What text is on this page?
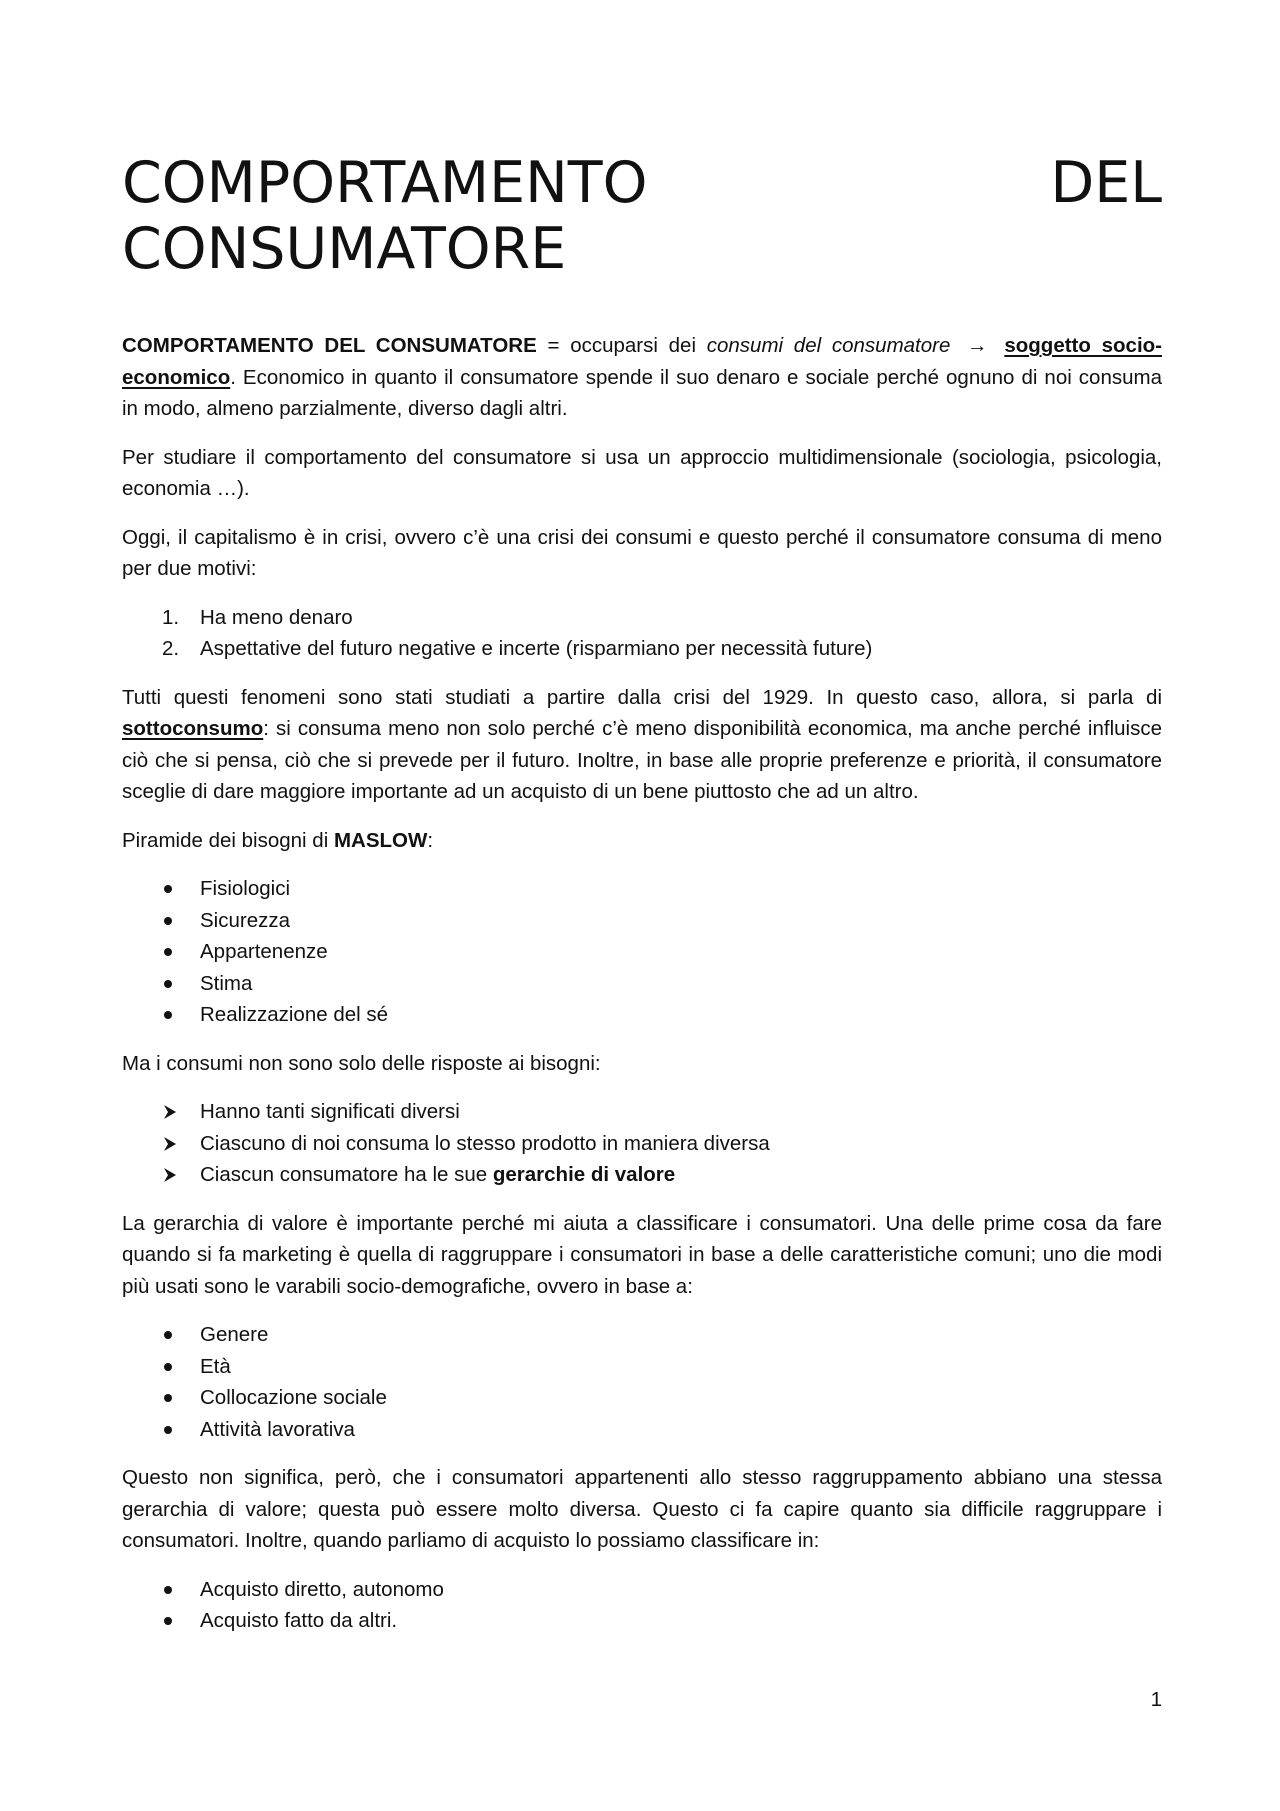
COMPORTAMENTO	DEL
CONSUMATORE

COMPORTAMENTO DEL CONSUMATORE = occuparsi dei consumi del consumatore → soggetto socio-economico. Economico in quanto il consumatore spende il suo denaro e sociale perché ognuno di noi consuma in modo, almeno parzialmente, diverso dagli altri.

Per studiare il comportamento del consumatore si usa un approccio multidimensionale (sociologia, psicologia, economia …).

Oggi, il capitalismo è in crisi, ovvero c’è una crisi dei consumi e questo perché il consumatore consuma di meno per due motivi:

1.	Ha meno denaro
2.	Aspettative del futuro negative e incerte (risparmiano per necessità future)

Tutti questi fenomeni sono stati studiati a partire dalla crisi del 1929. In questo caso, allora, si parla di sottoconsumo: si consuma meno non solo perché c’è meno disponibilità economica, ma anche perché influisce ciò che si pensa, ciò che si prevede per il futuro. Inoltre, in base alle proprie preferenze e priorità, il consumatore sceglie di dare maggiore importante ad un acquisto di un bene piuttosto che ad un altro.

Piramide dei bisogni di MASLOW:

Fisiologici
Sicurezza
Appartenenze
Stima
Realizzazione del sé

Ma i consumi non sono solo delle risposte ai bisogni:

Hanno tanti significati diversi
Ciascuno di noi consuma lo stesso prodotto in maniera diversa
Ciascun consumatore ha le sue gerarchie di valore

La gerarchia di valore è importante perché mi aiuta a classificare i consumatori. Una delle prime cosa da fare quando si fa marketing è quella di raggruppare i consumatori in base a delle caratteristiche comuni; uno die modi più usati sono le varabili socio-demografiche, ovvero in base a:

Genere
Età
Collocazione sociale
Attività lavorativa

Questo non significa, però, che i consumatori appartenenti allo stesso raggruppamento abbiano una stessa gerarchia di valore; questa può essere molto diversa. Questo ci fa capire quanto sia difficile raggruppare i consumatori. Inoltre, quando parliamo di acquisto lo possiamo classificare in:

Acquisto diretto, autonomo
Acquisto fatto da altri.
1
